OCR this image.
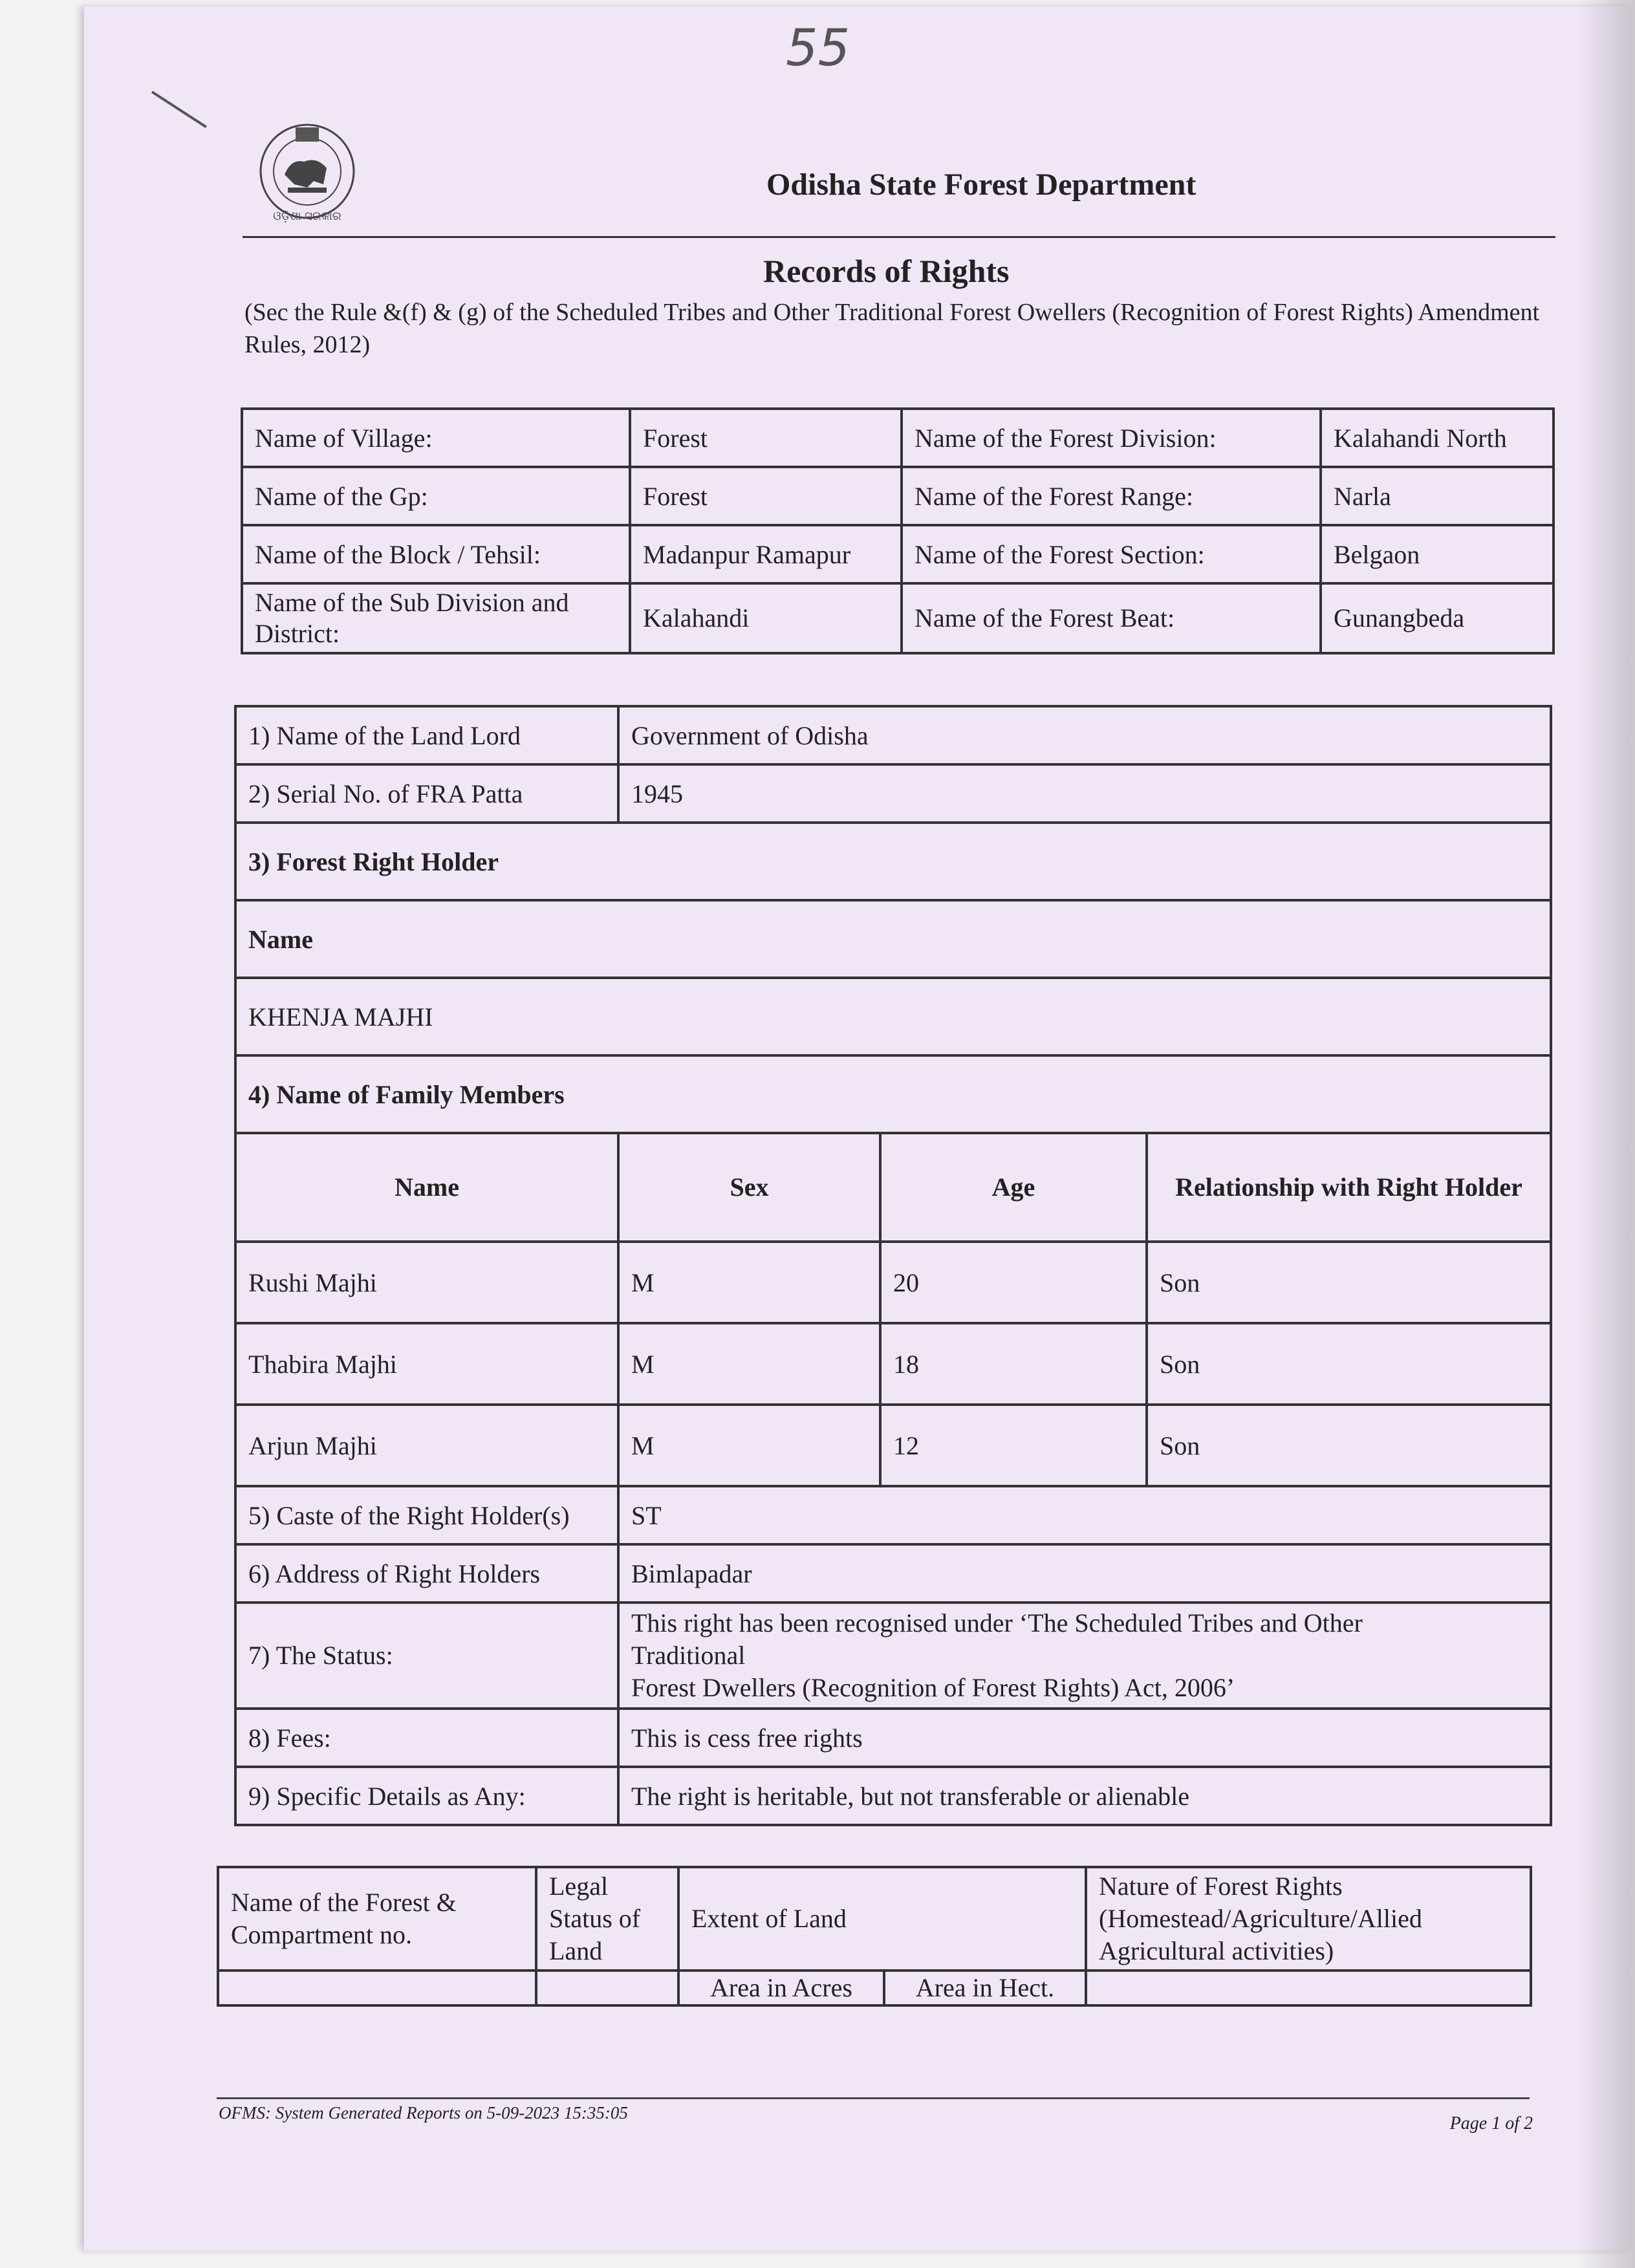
55
ଓଡ଼ିଶା ସରକାର
Odisha State Forest Department
Records of Rights
(Sec the Rule &(f) & (g) of the Scheduled Tribes and Other Traditional Forest Owellers (Recognition of Forest Rights) Amendment Rules, 2012)
Name of Village:	Forest	Name of the Forest Division:	Kalahandi North
Name of the Gp:	Forest	Name of the Forest Range:	Narla
Name of the Block / Tehsil:	Madanpur Ramapur	Name of the Forest Section:	Belgaon
Name of the Sub Division and District:	Kalahandi	Name of the Forest Beat:	Gunangbeda
1) Name of the Land Lord	Government of Odisha		
2) Serial No. of FRA Patta	1945		
3) Forest Right Holder			
Name			
KHENJA MAJHI			
4) Name of Family Members			
Name	Sex	Age	Relationship with Right Holder
Rushi Majhi	M	20	Son
Thabira Majhi	M	18	Son
Arjun Majhi	M	12	Son
5) Caste of the Right Holder(s)	ST		
6) Address of Right Holders	Bimlapadar		
7) The Status:	This right has been recognised under ‘The Scheduled Tribes and Other
Traditional
Forest Dwellers (Recognition of Forest Rights) Act, 2006’		

8) Fees:	This is cess free rights		
9) Specific Details as Any:	The right is heritable, but not transferable or alienable		
Name of the Forest & Compartment no.	Legal Status of Land	Extent of Land		Nature of Forest Rights (Homestead/Agriculture/Allied Agricultural activities)
		Area in Acres	Area in Hect.	
OFMS: System Generated Reports on 5-09-2023 15:35:05
Page 1 of 2
